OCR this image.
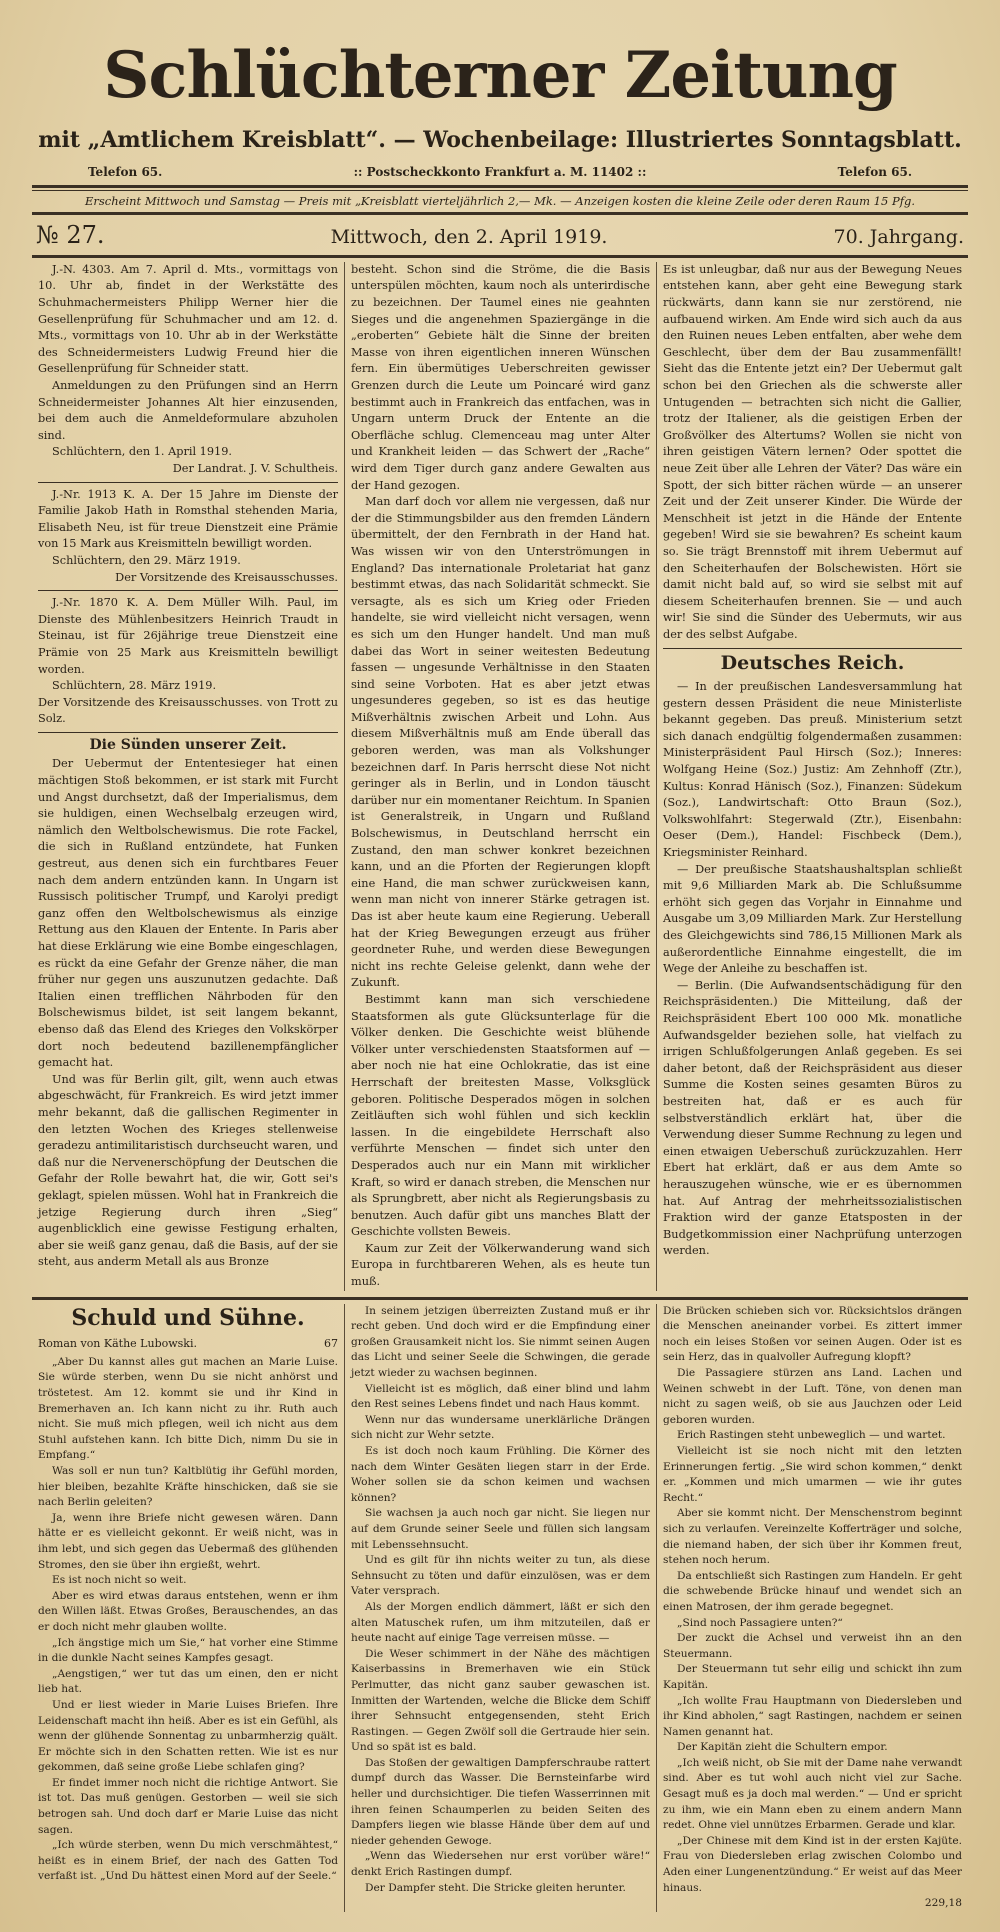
Schlüchterner Zeitung
mit „Amtlichem Kreisblatt“. — Wochenbeilage: Illustriertes Sonntagsblatt.
Telefon 65.	:: Postscheckkonto Frankfurt a. M. 11402 ::	Telefon 65.
Erscheint Mittwoch und Samstag — Preis mit „Kreisblatt vierteljährlich 2,— Mk. — Anzeigen kosten die kleine Zeile oder deren Raum 15 Pfg.
№ 27.	Mittwoch, den 2. April 1919.	70. Jahrgang.

J.-N. 4303. Am 7. April d. Mts., vormittags von 10. Uhr ab, findet in der Werkstätte des Schuhmachermeisters Philipp Werner hier die Gesellenprüfung für Schuhmacher und am 12. d. Mts., vormittags von 10. Uhr ab in der Werkstätte des Schneidermeisters Ludwig Freund hier die Gesellenprüfung für Schneider statt.

Anmeldungen zu den Prüfungen sind an Herrn Schneidermeister Johannes Alt hier einzusenden, bei dem auch die Anmeldeformulare abzuholen sind.

Schlüchtern, den 1. April 1919.

Der Landrat. J. V. Schultheis.

J.-Nr. 1913 K. A. Der 15 Jahre im Dienste der Familie Jakob Hath in Romsthal stehenden Maria, Elisabeth Neu, ist für treue Dienstzeit eine Prämie von 15 Mark aus Kreismitteln bewilligt worden.

Schlüchtern, den 29. März 1919.

Der Vorsitzende des Kreisausschusses.

J.-Nr. 1870 K. A. Dem Müller Wilh. Paul, im Dienste des Mühlenbesitzers Heinrich Traudt in Steinau, ist für 26jährige treue Dienstzeit eine Prämie von 25 Mark aus Kreismitteln bewilligt worden.

Schlüchtern, 28. März 1919.

Der Vorsitzende des Kreisausschusses. von Trott zu Solz.

Die Sünden unserer Zeit.

Der Uebermut der Ententesieger hat einen mächtigen Stoß bekommen, er ist stark mit Furcht und Angst durchsetzt, daß der Imperialismus, dem sie huldigen, einen Wechselbalg erzeugen wird, nämlich den Weltbolschewismus. Die rote Fackel, die sich in Rußland entzündete, hat Funken gestreut, aus denen sich ein furchtbares Feuer nach dem andern entzünden kann. In Ungarn ist Russisch politischer Trumpf, und Karolyi predigt ganz offen den Weltbolschewismus als einzige Rettung aus den Klauen der Entente. In Paris aber hat diese Erklärung wie eine Bombe eingeschlagen, es rückt da eine Gefahr der Grenze näher, die man früher nur gegen uns auszunutzen gedachte. Daß Italien einen trefflichen Nährboden für den Bolschewismus bildet, ist seit langem bekannt, ebenso daß das Elend des Krieges den Volkskörper dort noch bedeutend bazillenempfänglicher gemacht hat.

Und was für Berlin gilt, gilt, wenn auch etwas abgeschwächt, für Frankreich. Es wird jetzt immer mehr bekannt, daß die gallischen Regimenter in den letzten Wochen des Krieges stellenweise geradezu antimilitaristisch durchseucht waren, und daß nur die Nervenerschöpfung der Deutschen die Gefahr der Rolle bewahrt hat, die wir, Gott sei's geklagt, spielen müssen. Wohl hat in Frankreich die jetzige Regierung durch ihren „Sieg“ augenblicklich eine gewisse Festigung erhalten, aber sie weiß ganz genau, daß die Basis, auf der sie steht, aus anderm Metall als aus Bronze

besteht. Schon sind die Ströme, die die Basis unterspülen möchten, kaum noch als unterirdische zu bezeichnen. Der Taumel eines nie geahnten Sieges und die angenehmen Spaziergänge in die „eroberten“ Gebiete hält die Sinne der breiten Masse von ihren eigentlichen inneren Wünschen fern. Ein übermütiges Ueberschreiten gewisser Grenzen durch die Leute um Poincaré wird ganz bestimmt auch in Frankreich das entfachen, was in Ungarn unterm Druck der Entente an die Oberfläche schlug. Clemenceau mag unter Alter und Krankheit leiden — das Schwert der „Rache“ wird dem Tiger durch ganz andere Gewalten aus der Hand gezogen.

Man darf doch vor allem nie vergessen, daß nur der die Stimmungsbilder aus den fremden Ländern übermittelt, der den Fernbrath in der Hand hat. Was wissen wir von den Unterströmungen in England? Das internationale Proletariat hat ganz bestimmt etwas, das nach Solidarität schmeckt. Sie versagte, als es sich um Krieg oder Frieden handelte, sie wird vielleicht nicht versagen, wenn es sich um den Hunger handelt. Und man muß dabei das Wort in seiner weitesten Bedeutung fassen — ungesunde Verhältnisse in den Staaten sind seine Vorboten. Hat es aber jetzt etwas ungesunderes gegeben, so ist es das heutige Mißverhältnis zwischen Arbeit und Lohn. Aus diesem Mißverhältnis muß am Ende überall das geboren werden, was man als Volkshunger bezeichnen darf. In Paris herrscht diese Not nicht geringer als in Berlin, und in London täuscht darüber nur ein momentaner Reichtum. In Spanien ist Generalstreik, in Ungarn und Rußland Bolschewismus, in Deutschland herrscht ein Zustand, den man schwer konkret bezeichnen kann, und an die Pforten der Regierungen klopft eine Hand, die man schwer zurückweisen kann, wenn man nicht von innerer Stärke getragen ist. Das ist aber heute kaum eine Regierung. Ueberall hat der Krieg Bewegungen erzeugt aus früher geordneter Ruhe, und werden diese Bewegungen nicht ins rechte Geleise gelenkt, dann wehe der Zukunft.

Bestimmt kann man sich verschiedene Staatsformen als gute Glücksunterlage für die Völker denken. Die Geschichte weist blühende Völker unter verschiedensten Staatsformen auf — aber noch nie hat eine Ochlokratie, das ist eine Herrschaft der breitesten Masse, Volksglück geboren. Politische Desperados mögen in solchen Zeitläuften sich wohl fühlen und sich kecklin lassen. In die eingebildete Herrschaft also verführte Menschen — findet sich unter den Desperados auch nur ein Mann mit wirklicher Kraft, so wird er danach streben, die Menschen nur als Sprungbrett, aber nicht als Regierungsbasis zu benutzen. Auch dafür gibt uns manches Blatt der Geschichte vollsten Beweis.

Kaum zur Zeit der Völkerwanderung wand sich Europa in furchtbareren Wehen, als es heute tun muß.

Es ist unleugbar, daß nur aus der Bewegung Neues entstehen kann, aber geht eine Bewegung stark rückwärts, dann kann sie nur zerstörend, nie aufbauend wirken. Am Ende wird sich auch da aus den Ruinen neues Leben entfalten, aber wehe dem Geschlecht, über dem der Bau zusammenfällt! Sieht das die Entente jetzt ein? Der Uebermut galt schon bei den Griechen als die schwerste aller Untugenden — betrachten sich nicht die Gallier, trotz der Italiener, als die geistigen Erben der Großvölker des Altertums? Wollen sie nicht von ihren geistigen Vätern lernen? Oder spottet die neue Zeit über alle Lehren der Väter? Das wäre ein Spott, der sich bitter rächen würde — an unserer Zeit und der Zeit unserer Kinder. Die Würde der Menschheit ist jetzt in die Hände der Entente gegeben! Wird sie sie bewahren? Es scheint kaum so. Sie trägt Brennstoff mit ihrem Uebermut auf den Scheiterhaufen der Bolschewisten. Hört sie damit nicht bald auf, so wird sie selbst mit auf diesem Scheiterhaufen brennen. Sie — und auch wir! Sie sind die Sünder des Uebermuts, wir aus der des selbst Aufgabe.

Deutsches Reich.

— In der preußischen Landesversammlung hat gestern dessen Präsident die neue Ministerliste bekannt gegeben. Das preuß. Ministerium setzt sich danach endgültig folgendermaßen zusammen: Ministerpräsident Paul Hirsch (Soz.); Inneres: Wolfgang Heine (Soz.) Justiz: Am Zehnhoff (Ztr.), Kultus: Konrad Hänisch (Soz.), Finanzen: Südekum (Soz.), Landwirtschaft: Otto Braun (Soz.), Volkswohlfahrt: Stegerwald (Ztr.), Eisenbahn: Oeser (Dem.), Handel: Fischbeck (Dem.), Kriegsminister Reinhard.

— Der preußische Staatshaushaltsplan schließt mit 9,6 Milliarden Mark ab. Die Schlußsumme erhöht sich gegen das Vorjahr in Einnahme und Ausgabe um 3,09 Milliarden Mark. Zur Herstellung des Gleichgewichts sind 786,15 Millionen Mark als außerordentliche Einnahme eingestellt, die im Wege der Anleihe zu beschaffen ist.

— Berlin. (Die Aufwandsentschädigung für den Reichspräsidenten.) Die Mitteilung, daß der Reichspräsident Ebert 100 000 Mk. monatliche Aufwandsgelder beziehen solle, hat vielfach zu irrigen Schlußfolgerungen Anlaß gegeben. Es sei daher betont, daß der Reichspräsident aus dieser Summe die Kosten seines gesamten Büros zu bestreiten hat, daß er es auch für selbstverständlich erklärt hat, über die Verwendung dieser Summe Rechnung zu legen und einen etwaigen Ueberschuß zurückzuzahlen. Herr Ebert hat erklärt, daß er aus dem Amte so herauszugehen wünsche, wie er es übernommen hat. Auf Antrag der mehrheitssozialistischen Fraktion wird der ganze Etatsposten in der Budgetkommission einer Nachprüfung unterzogen werden.

Schuld und Sühne.
Roman von Käthe Lubowski.	67

„Aber Du kannst alles gut machen an Marie Luise. Sie würde sterben, wenn Du sie nicht anhörst und tröstetest. Am 12. kommt sie und ihr Kind in Bremerhaven an. Ich kann nicht zu ihr. Ruth auch nicht. Sie muß mich pflegen, weil ich nicht aus dem Stuhl aufstehen kann. Ich bitte Dich, nimm Du sie in Empfang.“

Was soll er nun tun? Kaltblütig ihr Gefühl morden, hier bleiben, bezahlte Kräfte hinschicken, daß sie sie nach Berlin geleiten?

Ja, wenn ihre Briefe nicht gewesen wären. Dann hätte er es vielleicht gekonnt. Er weiß nicht, was in ihm lebt, und sich gegen das Uebermaß des glühenden Stromes, den sie über ihn ergießt, wehrt.

Es ist noch nicht so weit.

Aber es wird etwas daraus entstehen, wenn er ihm den Willen läßt. Etwas Großes, Berauschendes, an das er doch nicht mehr glauben wollte.

„Ich ängstige mich um Sie,“ hat vorher eine Stimme in die dunkle Nacht seines Kampfes gesagt.

„Aengstigen,“ wer tut das um einen, den er nicht lieb hat.

Und er liest wieder in Marie Luises Briefen. Ihre Leidenschaft macht ihn heiß. Aber es ist ein Gefühl, als wenn der glühende Sonnentag zu unbarmherzig quält. Er möchte sich in den Schatten retten. Wie ist es nur gekommen, daß seine große Liebe schlafen ging?

Er findet immer noch nicht die richtige Antwort. Sie ist tot. Das muß genügen. Gestorben — weil sie sich betrogen sah. Und doch darf er Marie Luise das nicht sagen.

„Ich würde sterben, wenn Du mich verschmähtest,“ heißt es in einem Brief, der nach des Gatten Tod verfaßt ist. „Und Du hättest einen Mord auf der Seele.“

In seinem jetzigen überreizten Zustand muß er ihr recht geben. Und doch wird er die Empfindung einer großen Grausamkeit nicht los. Sie nimmt seinen Augen das Licht und seiner Seele die Schwingen, die gerade jetzt wieder zu wachsen beginnen.

Vielleicht ist es möglich, daß einer blind und lahm den Rest seines Lebens findet und nach Haus kommt.

Wenn nur das wundersame unerklärliche Drängen sich nicht zur Wehr setzte.

Es ist doch noch kaum Frühling. Die Körner des nach dem Winter Gesäten liegen starr in der Erde. Woher sollen sie da schon keimen und wachsen können?

Sie wachsen ja auch noch gar nicht. Sie liegen nur auf dem Grunde seiner Seele und füllen sich langsam mit Lebenssehnsucht.

Und es gilt für ihn nichts weiter zu tun, als diese Sehnsucht zu töten und dafür einzulösen, was er dem Vater versprach.

Als der Morgen endlich dämmert, läßt er sich den alten Matuschek rufen, um ihm mitzuteilen, daß er heute nacht auf einige Tage verreisen müsse. —

Die Weser schimmert in der Nähe des mächtigen Kaiserbassins in Bremerhaven wie ein Stück Perlmutter, das nicht ganz sauber gewaschen ist. Inmitten der Wartenden, welche die Blicke dem Schiff ihrer Sehnsucht entgegensenden, steht Erich Rastingen. — Gegen Zwölf soll die Gertraude hier sein. Und so spät ist es bald.

Das Stoßen der gewaltigen Dampferschraube rattert dumpf durch das Wasser. Die Bernsteinfarbe wird heller und durchsichtiger. Die tiefen Wasserrinnen mit ihren feinen Schaumperlen zu beiden Seiten des Dampfers liegen wie blasse Hände über dem auf und nieder gehenden Gewoge.

„Wenn das Wiedersehen nur erst vorüber wäre!“ denkt Erich Rastingen dumpf.

Der Dampfer steht. Die Stricke gleiten herunter.

Die Brücken schieben sich vor. Rücksichtslos drängen die Menschen aneinander vorbei. Es zittert immer noch ein leises Stoßen vor seinen Augen. Oder ist es sein Herz, das in qualvoller Aufregung klopft?

Die Passagiere stürzen ans Land. Lachen und Weinen schwebt in der Luft. Töne, von denen man nicht zu sagen weiß, ob sie aus Jauchzen oder Leid geboren wurden.

Erich Rastingen steht unbeweglich — und wartet.

Vielleicht ist sie noch nicht mit den letzten Erinnerungen fertig. „Sie wird schon kommen,“ denkt er. „Kommen und mich umarmen — wie ihr gutes Recht.“

Aber sie kommt nicht. Der Menschenstrom beginnt sich zu verlaufen. Vereinzelte Kofferträger und solche, die niemand haben, der sich über ihr Kommen freut, stehen noch herum.

Da entschließt sich Rastingen zum Handeln. Er geht die schwebende Brücke hinauf und wendet sich an einen Matrosen, der ihm gerade begegnet.

„Sind noch Passagiere unten?“

Der zuckt die Achsel und verweist ihn an den Steuermann.

Der Steuermann tut sehr eilig und schickt ihn zum Kapitän.

„Ich wollte Frau Hauptmann von Diedersleben und ihr Kind abholen,“ sagt Rastingen, nachdem er seinen Namen genannt hat.

Der Kapitän zieht die Schultern empor.

„Ich weiß nicht, ob Sie mit der Dame nahe verwandt sind. Aber es tut wohl auch nicht viel zur Sache. Gesagt muß es ja doch mal werden.“ — Und er spricht zu ihm, wie ein Mann eben zu einem andern Mann redet. Ohne viel unnützes Erbarmen. Gerade und klar.

„Der Chinese mit dem Kind ist in der ersten Kajüte. Frau von Diedersleben erlag zwischen Colombo und Aden einer Lungenentzündung.“ Er weist auf das Meer hinaus.

229,18
